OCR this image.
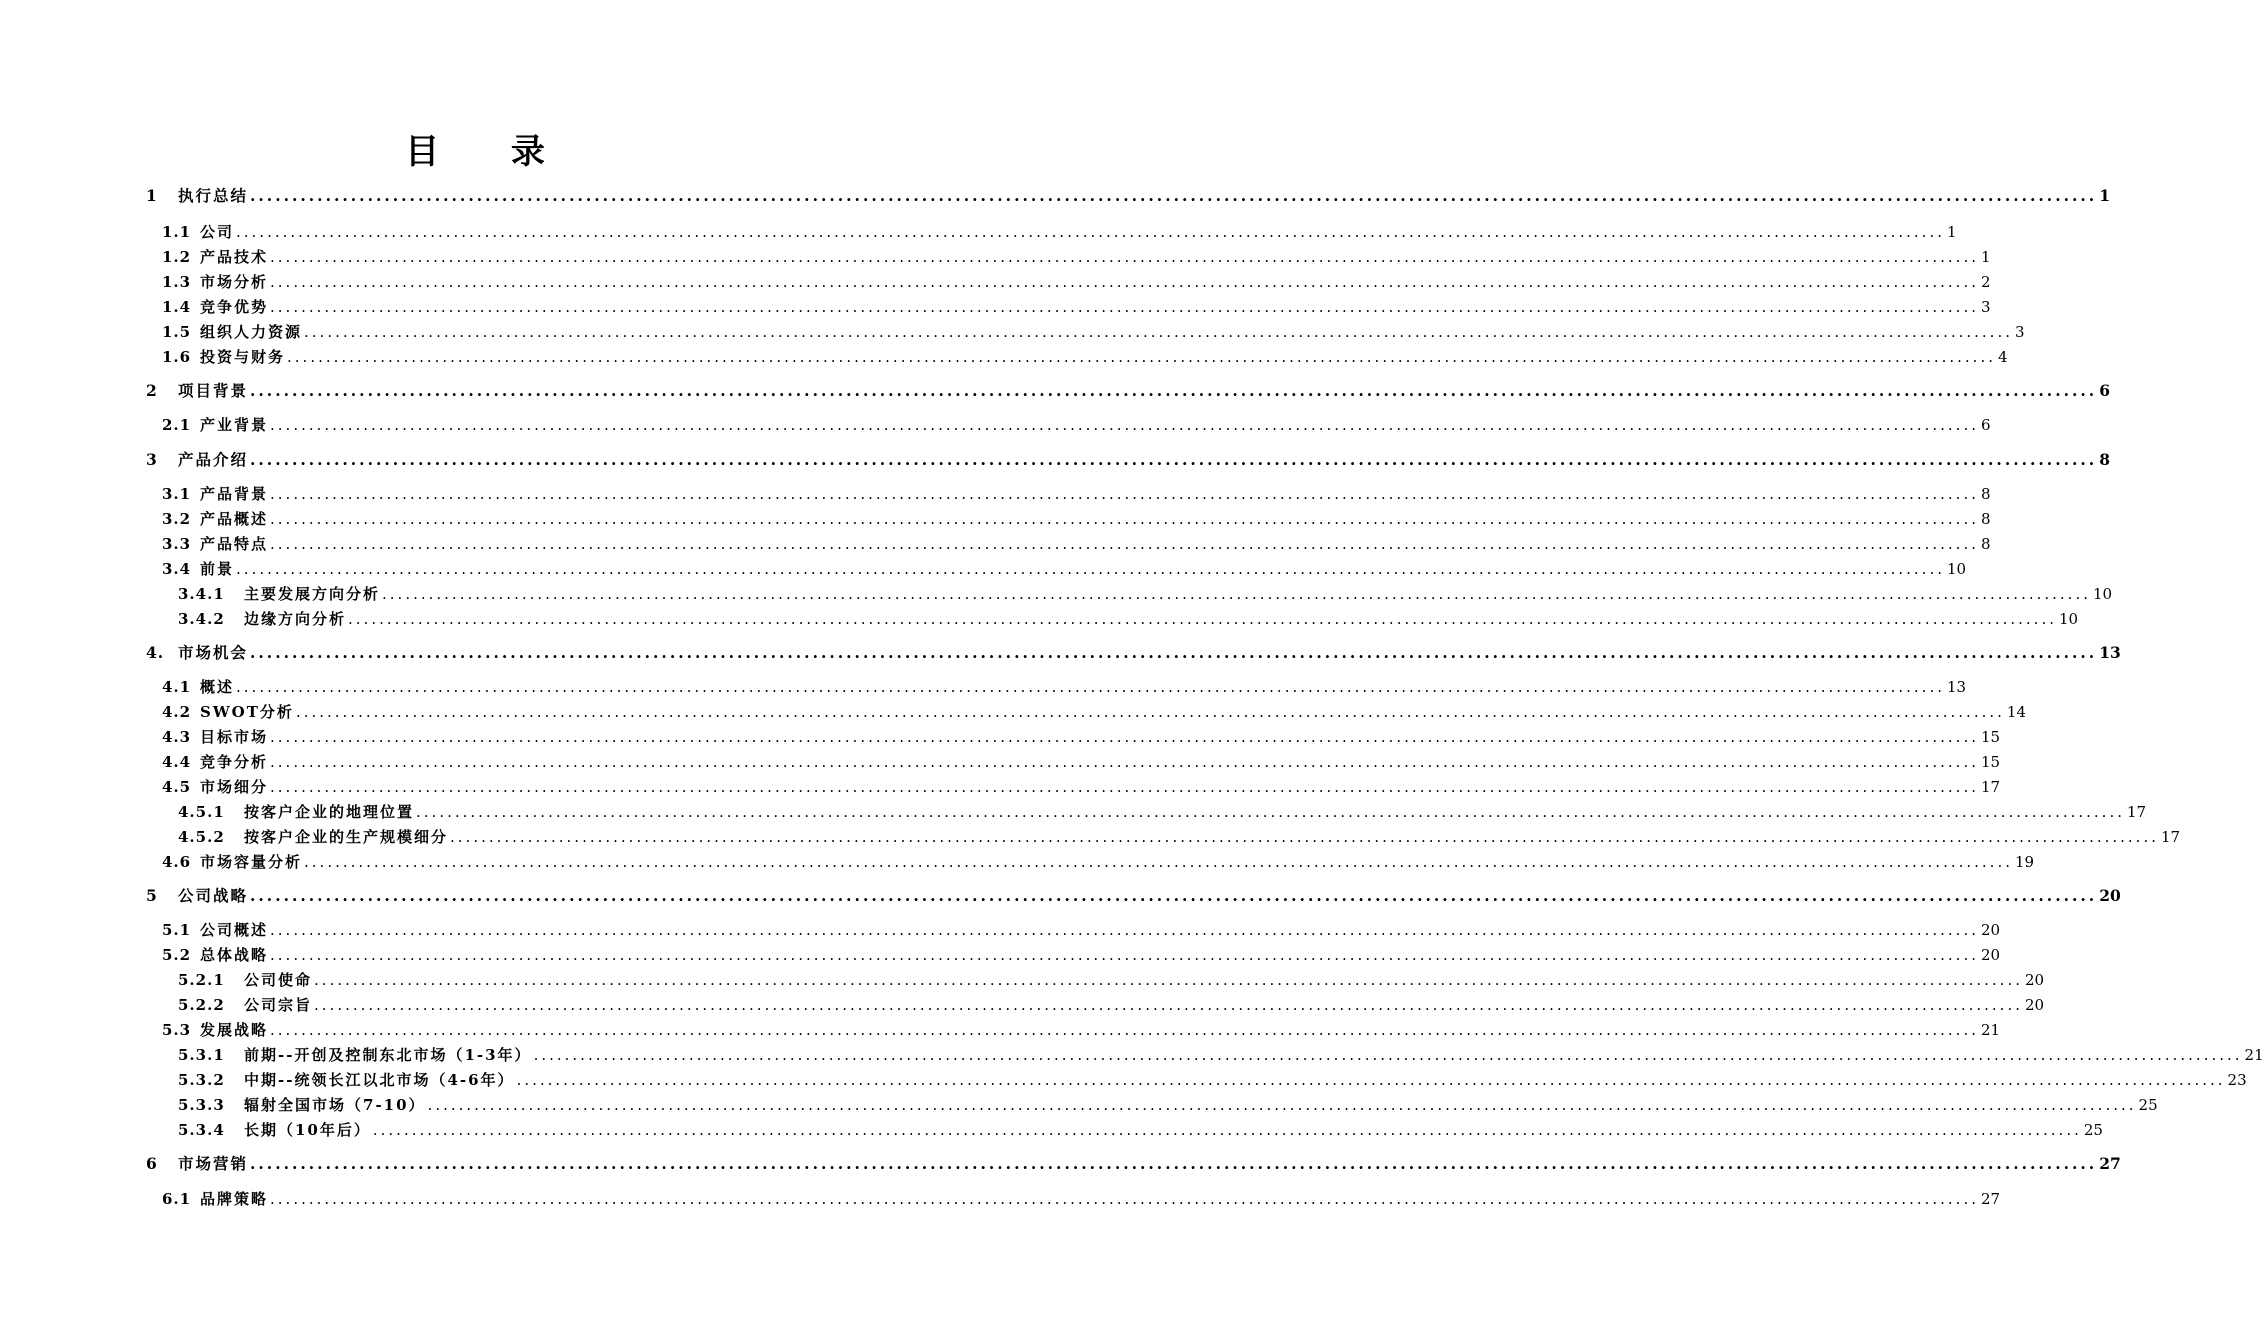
目 录
1	执行总结 ............................................................................................................................................................................................................................ 1
1.1 公司 ............................................................................................................................................................................................................................ 1
1.2 产品技术 ............................................................................................................................................................................................................................ 1
1.3 市场分析 ............................................................................................................................................................................................................................ 2
1.4 竞争优势 ............................................................................................................................................................................................................................ 3
1.5 组织人力资源 ............................................................................................................................................................................................................................ 3
1.6 投资与财务 ............................................................................................................................................................................................................................ 4
2	项目背景 ............................................................................................................................................................................................................................ 6
2.1 产业背景 ............................................................................................................................................................................................................................ 6
3	产品介绍 ............................................................................................................................................................................................................................ 8
3.1 产品背景 ............................................................................................................................................................................................................................ 8
3.2 产品概述 ............................................................................................................................................................................................................................ 8
3.3 产品特点 ............................................................................................................................................................................................................................ 8
3.4 前景 ............................................................................................................................................................................................................................ 10
3.4.1	主要发展方向分析 ............................................................................................................................................................................................................................ 10
3.4.2	边缘方向分析 ............................................................................................................................................................................................................................ 10
4. 市场机会 ............................................................................................................................................................................................................................ 13
4.1 概述 ............................................................................................................................................................................................................................ 13
4.2 SWOT分析 ............................................................................................................................................................................................................................ 14
4.3 目标市场 ............................................................................................................................................................................................................................ 15
4.4 竞争分析 ............................................................................................................................................................................................................................ 15
4.5 市场细分 ............................................................................................................................................................................................................................ 17
4.5.1	按客户企业的地理位置 ............................................................................................................................................................................................................................ 17
4.5.2	按客户企业的生产规模细分 ............................................................................................................................................................................................................................ 17
4.6 市场容量分析 ............................................................................................................................................................................................................................ 19
5	公司战略 ............................................................................................................................................................................................................................ 20
5.1 公司概述 ............................................................................................................................................................................................................................ 20
5.2 总体战略 ............................................................................................................................................................................................................................ 20
5.2.1	公司使命 ............................................................................................................................................................................................................................ 20
5.2.2	公司宗旨 ............................................................................................................................................................................................................................ 20
5.3 发展战略 ............................................................................................................................................................................................................................ 21
5.3.1	前期--开创及控制东北市场（1-3年） ............................................................................................................................................................................................................................ 21
5.3.2	中期--统领长江以北市场（4-6年） ............................................................................................................................................................................................................................ 23
5.3.3	辐射全国市场（7-10） ............................................................................................................................................................................................................................ 25
5.3.4	长期（10年后） ............................................................................................................................................................................................................................ 25
6	市场营销 ............................................................................................................................................................................................................................ 27
6.1 品牌策略 ............................................................................................................................................................................................................................ 27
